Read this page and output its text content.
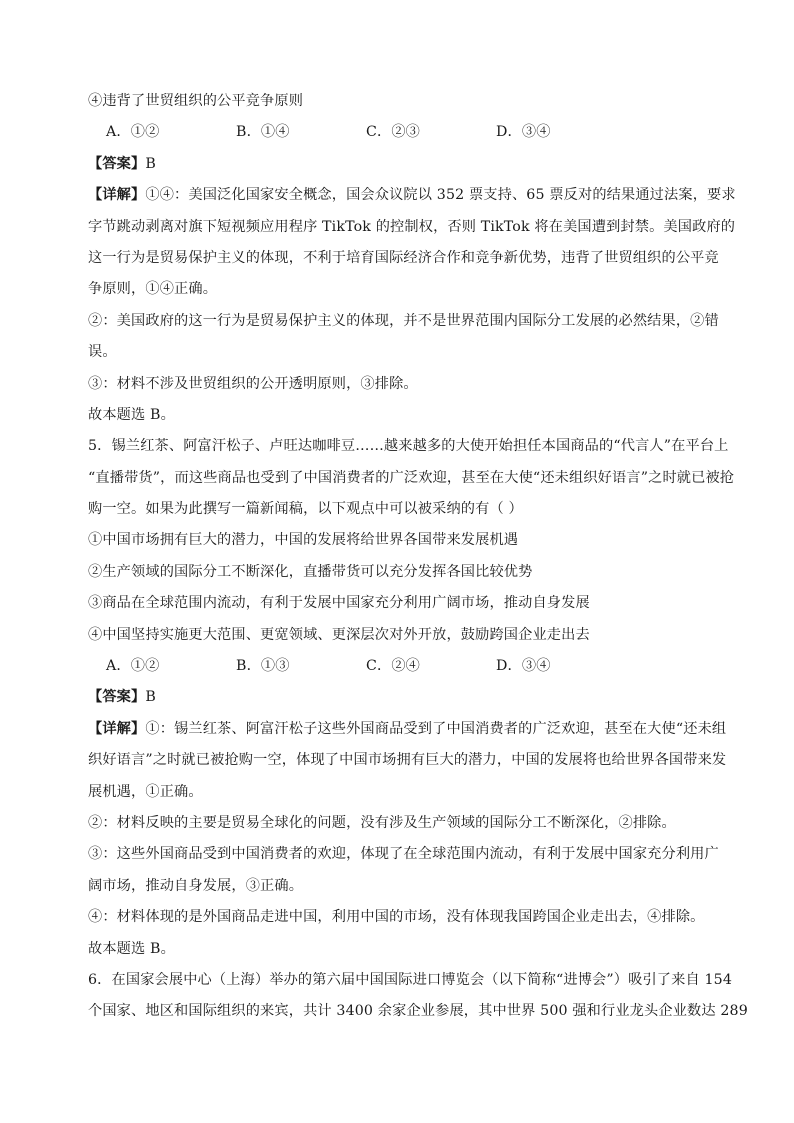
④违背了世贸组织的公平竞争原则
A．①②	B．①④	C．②③	D．③④
【答案】B
【详解】①④：美国泛化国家安全概念，国会众议院以 352 票支持、65 票反对的结果通过法案，要求
字节跳动剥离对旗下短视频应用程序 TikTok 的控制权，否则 TikTok 将在美国遭到封禁。美国政府的
这一行为是贸易保护主义的体现，不利于培育国际经济合作和竞争新优势，违背了世贸组织的公平竞
争原则，①④正确。
②：美国政府的这一行为是贸易保护主义的体现，并不是世界范围内国际分工发展的必然结果，②错
误。
③：材料不涉及世贸组织的公开透明原则，③排除。
故本题选 B。
5．锡兰红茶、阿富汗松子、卢旺达咖啡豆……越来越多的大使开始担任本国商品的“代言人”在平台上
“直播带货”，而这些商品也受到了中国消费者的广泛欢迎，甚至在大使“还未组织好语言”之时就已被抢
购一空。如果为此撰写一篇新闻稿，以下观点中可以被采纳的有（ ）
①中国市场拥有巨大的潜力，中国的发展将给世界各国带来发展机遇
②生产领域的国际分工不断深化，直播带货可以充分发挥各国比较优势
③商品在全球范围内流动，有利于发展中国家充分利用广阔市场，推动自身发展
④中国坚持实施更大范围、更宽领域、更深层次对外开放，鼓励跨国企业走出去
A．①②	B．①③	C．②④	D．③④
【答案】B
【详解】①：锡兰红茶、阿富汗松子这些外国商品受到了中国消费者的广泛欢迎，甚至在大使“还未组
织好语言”之时就已被抢购一空，体现了中国市场拥有巨大的潜力，中国的发展将也给世界各国带来发
展机遇，①正确。
②：材料反映的主要是贸易全球化的问题，没有涉及生产领域的国际分工不断深化，②排除。
③：这些外国商品受到中国消费者的欢迎，体现了在全球范围内流动，有利于发展中国家充分利用广
阔市场，推动自身发展，③正确。
④：材料体现的是外国商品走进中国，利用中国的市场，没有体现我国跨国企业走出去，④排除。
故本题选 B。
6．在国家会展中心（上海）举办的第六届中国国际进口博览会（以下简称“进博会”）吸引了来自 154
个国家、地区和国际组织的来宾，共计 3400 余家企业参展，其中世界 500 强和行业龙头企业数达 289
